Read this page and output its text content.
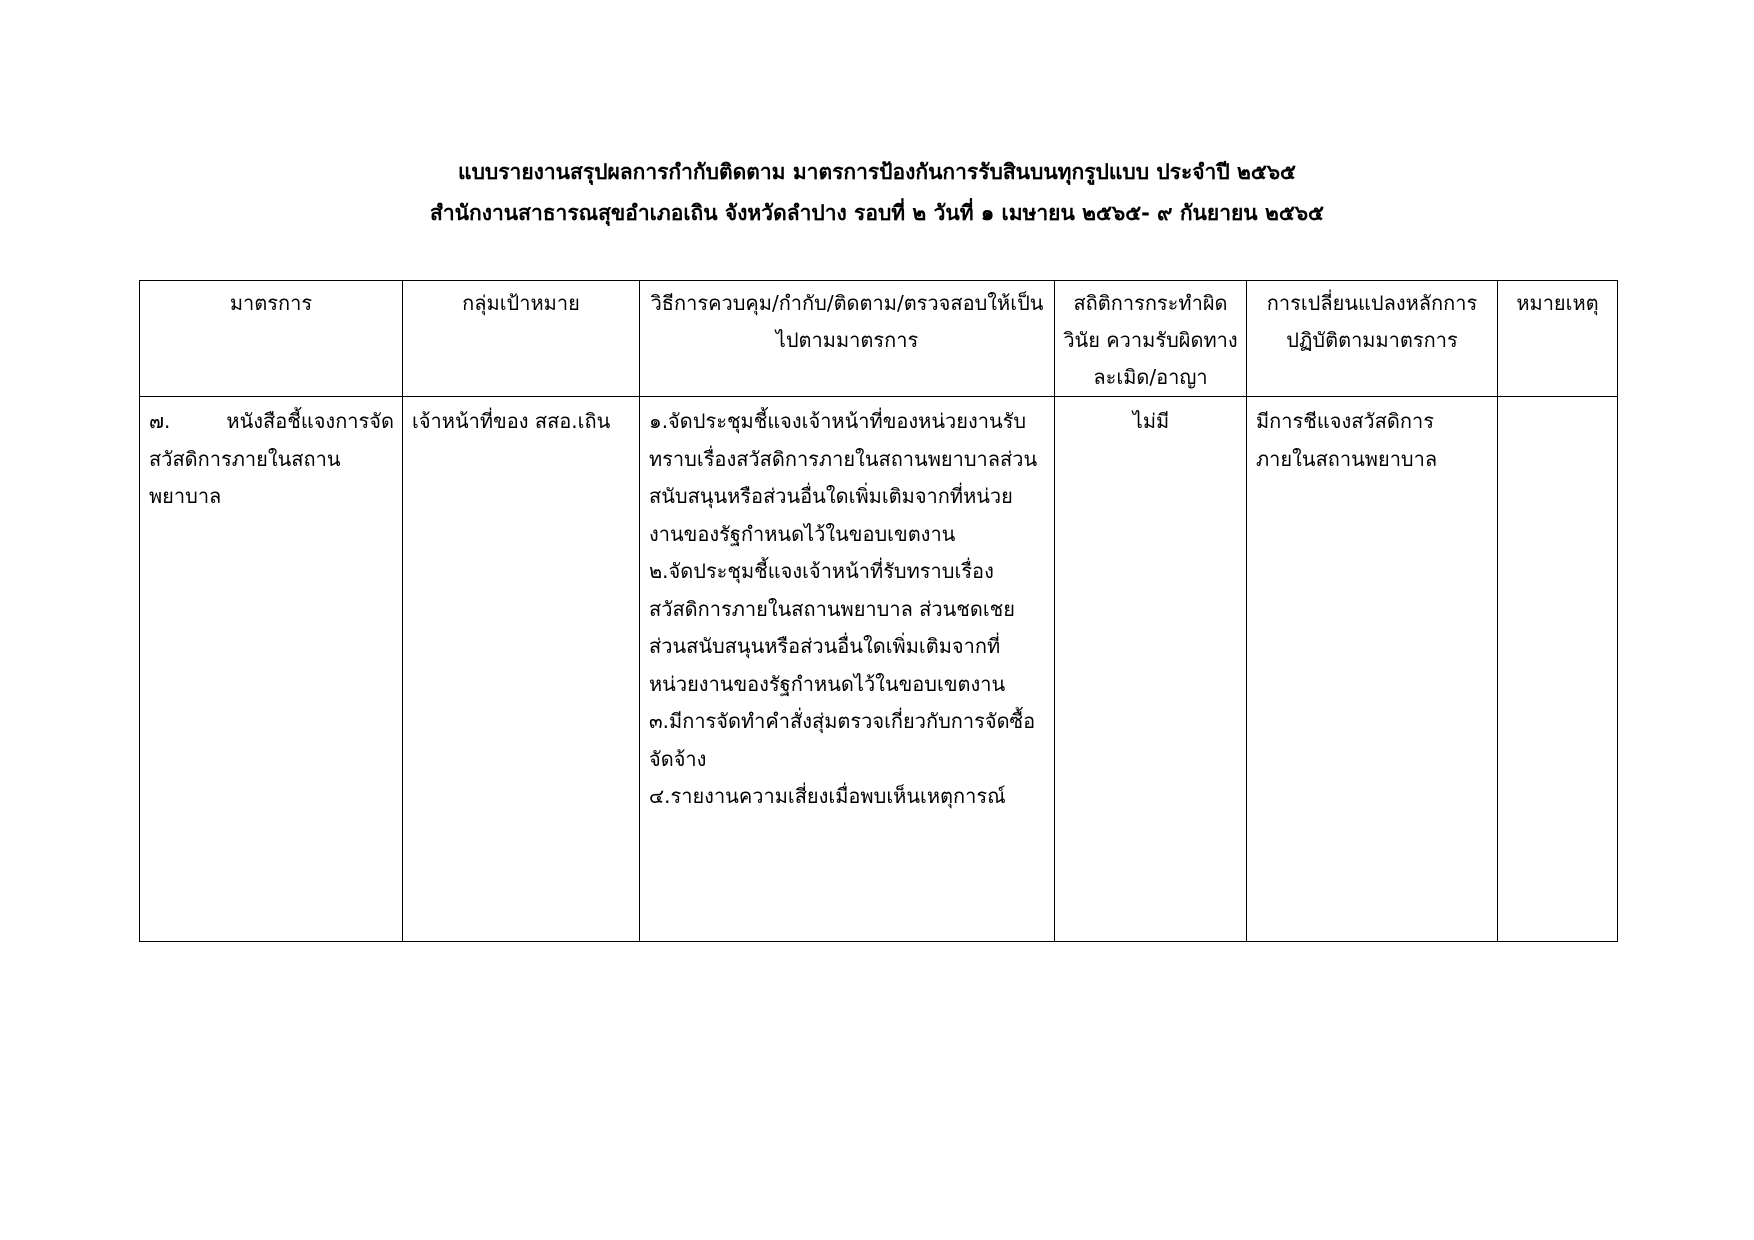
แบบรายงานสรุปผลการกำกับติดตาม มาตรการป้องกันการรับสินบนทุกรูปแบบ ประจำปี ๒๕๖๕
สำนักงานสาธารณสุขอำเภอเถิน จังหวัดลำปาง รอบที่ ๒ วันที่ ๑ เมษายน ๒๕๖๕- ๙ กันยายน ๒๕๖๕
มาตรการ	กลุ่มเป้าหมาย	วิธีการควบคุม/กำกับ/ติดตาม/ตรวจสอบให้เป็นไปตามมาตรการ	สถิติการกระทำผิดวินัย ความรับผิดทางละเมิด/อาญา	การเปลี่ยนแปลงหลักการปฏิบัติตามมาตรการ	หมายเหตุ
๗. หนังสือชี้แจงการจัดสวัสดิการภายในสถานพยาบาล	เจ้าหน้าที่ของ สสอ.เถิน	๑.จัดประชุมชี้แจงเจ้าหน้าที่ของหน่วยงานรับทราบเรื่องสวัสดิการภายในสถานพยาบาลส่วนสนับสนุนหรือส่วนอื่นใดเพิ่มเติมจากที่หน่วยงานของรัฐกำหนดไว้ในขอบเขตงาน
๒.จัดประชุมชี้แจงเจ้าหน้าที่รับทราบเรื่องสวัสดิการภายในสถานพยาบาล ส่วนชดเชยส่วนสนับสนุนหรือส่วนอื่นใดเพิ่มเติมจากที่หน่วยงานของรัฐกำหนดไว้ในขอบเขตงาน
๓.มีการจัดทำคำสั่งสุ่มตรวจเกี่ยวกับการจัดซื้อจัดจ้าง
๔.รายงานความเสี่ยงเมื่อพบเห็นเหตุการณ์	ไม่มี	มีการชีแจงสวัสดิการภายในสถานพยาบาล	
